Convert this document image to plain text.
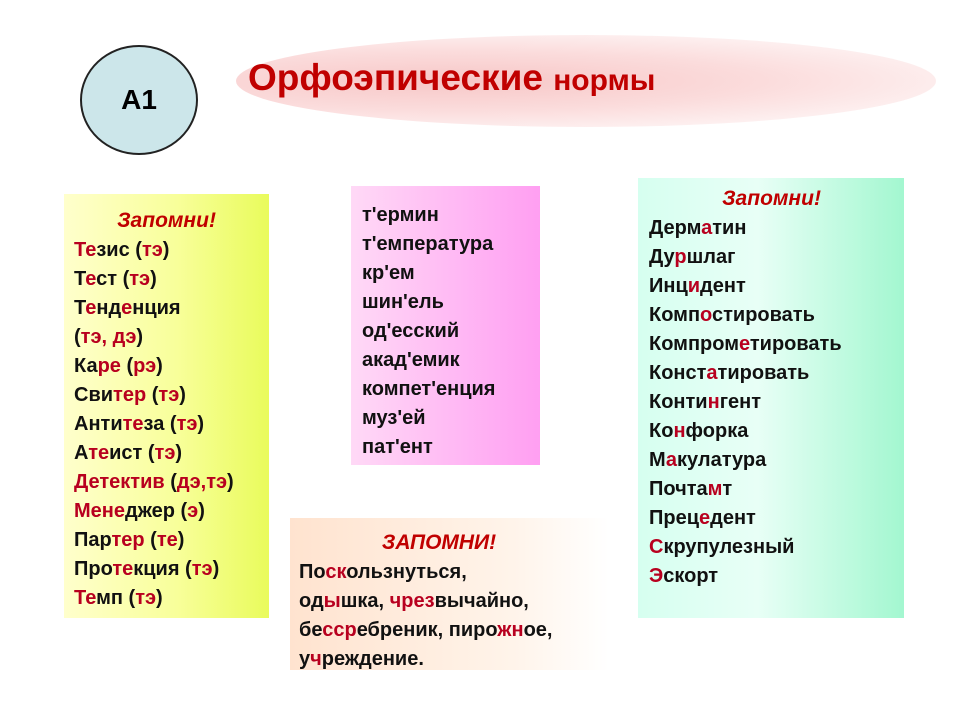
Орфоэпические нормы
А1
Запомни!
Тезис (тэ)
Тест (тэ)
Тенденция
(тэ, дэ)
Каре (рэ)
Свитер (тэ)
Антитеза (тэ)
Атеист (тэ)
Детектив (дэ,тэ)
Менеджер (э)
Партер (те)
Протекция (тэ)
Темп (тэ)
т'ермин
т'емпература
кр'ем
шин'ель
од'есский
акад'емик
компет'енция
муз'ей
пат'ент
Запомни!
Дерматин
Дуршлаг
Инцидент
Компостировать
Компрометировать
Констатировать
Контингент
Конфорка
Макулатура
Почтамт
Прецедент
Скрупулезный
Эскорт
ЗАПОМНИ!
Поскользнуться,
одышка, чрезвычайно,
бессребреник, пирожное,
учреждение.
